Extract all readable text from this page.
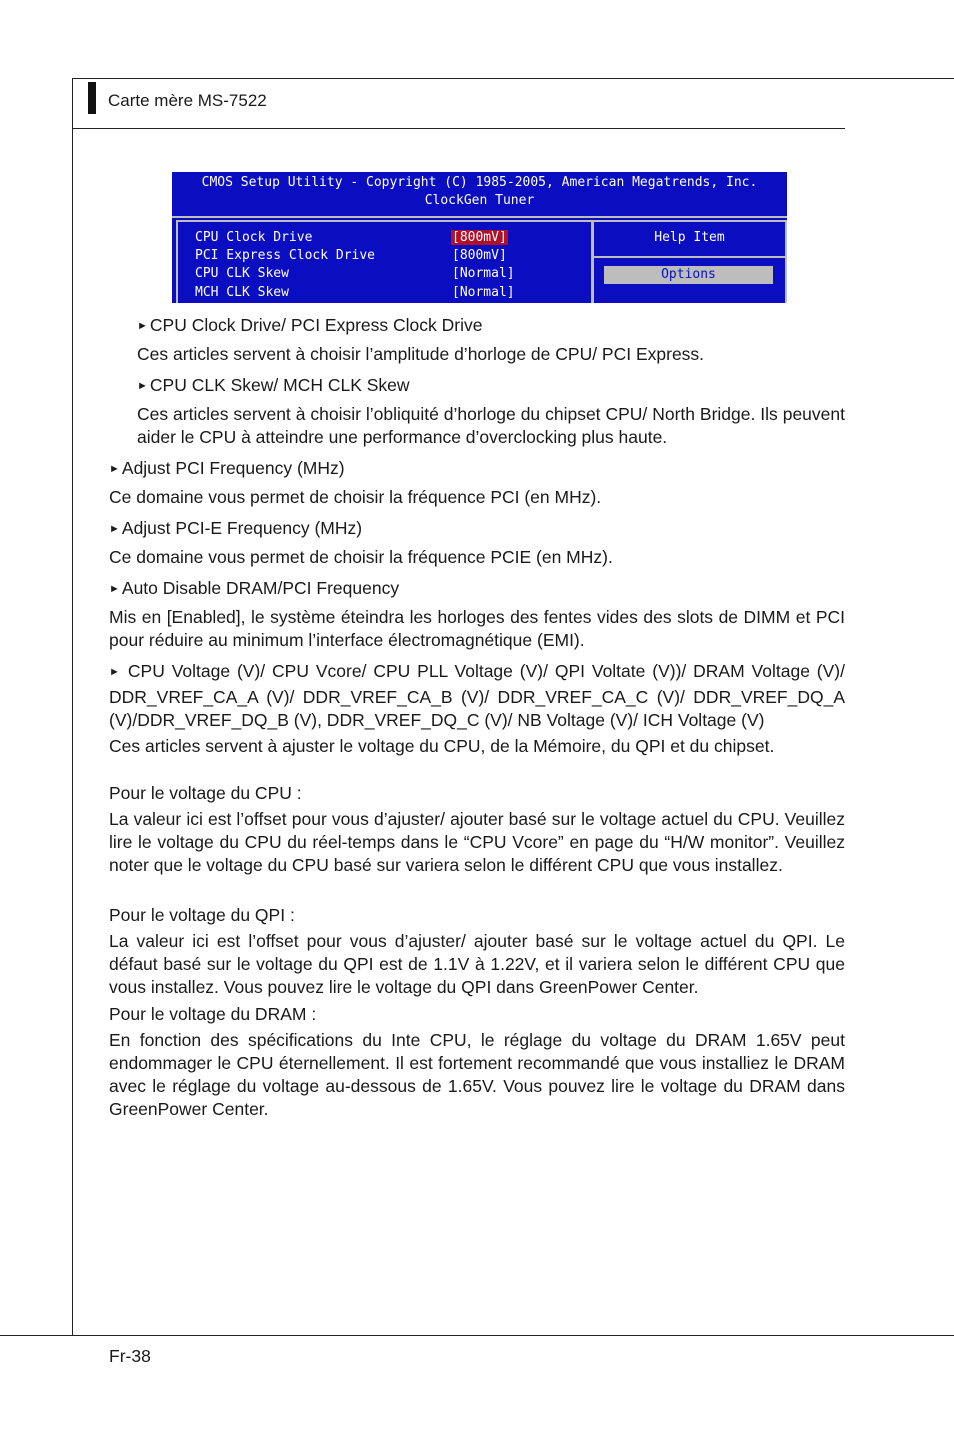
Carte mère MS-7522
CMOS Setup Utility - Copyright (C) 1985-2005, American Megatrends, Inc.
ClockGen Tuner
CPU Clock Drive	[800mV]
PCI Express Clock Drive	[800mV]
CPU CLK Skew	[Normal]
MCH CLK Skew	[Normal]
Help Item
Options
► CPU Clock Drive/ PCI Express Clock Drive

Ces articles servent à choisir l’amplitude d’horloge de CPU/ PCI Express.

► CPU CLK Skew/ MCH CLK Skew

Ces articles servent à choisir l’obliquité d’horloge du chipset CPU/ North Bridge. Ils peuvent aider le CPU à atteindre une performance d’overclocking plus haute.

► Adjust PCI Frequency (MHz)

Ce domaine vous permet de choisir la fréquence PCI (en MHz).

► Adjust PCI-E Frequency (MHz)

Ce domaine vous permet de choisir la fréquence PCIE (en MHz).

► Auto Disable DRAM/PCI Frequency

Mis en [Enabled], le système éteindra les horloges des fentes vides des slots de DIMM et PCI pour réduire au minimum l’interface électromagnétique (EMI).

► CPU Voltage (V)/ CPU Vcore/ CPU PLL Voltage (V)/ QPI Voltate (V))/ DRAM Voltage (V)/ DDR_VREF_CA_A (V)/ DDR_VREF_CA_B (V)/ DDR_VREF_CA_C (V)/ DDR_VREF_DQ_A (V)/DDR_VREF_DQ_B (V), DDR_VREF_DQ_C (V)/ NB Voltage (V)/ ICH Voltage (V)

Ces articles servent à ajuster le voltage du CPU, de la Mémoire, du QPI et du chipset.

Pour le voltage du CPU :

La valeur ici est l’offset pour vous d’ajuster/ ajouter basé sur le voltage actuel du CPU. Veuillez lire le voltage du CPU du réel-temps dans le “CPU Vcore” en page du “H/W monitor”. Veuillez noter que le voltage du CPU basé sur variera selon le différent CPU que vous installez.

Pour le voltage du QPI :

La valeur ici est l’offset pour vous d’ajuster/ ajouter basé sur le voltage actuel du QPI. Le défaut basé sur le voltage du QPI est de 1.1V à 1.22V, et il variera selon le différent CPU que vous installez. Vous pouvez lire le voltage du QPI dans GreenPower Center.

Pour le voltage du DRAM :

En fonction des spécifications du Inte CPU, le réglage du voltage du DRAM 1.65V peut endommager le CPU éternellement. Il est fortement recommandé que vous installiez le DRAM avec le réglage du voltage au-dessous de 1.65V. Vous pouvez lire le voltage du DRAM dans GreenPower Center.

Fr-38
